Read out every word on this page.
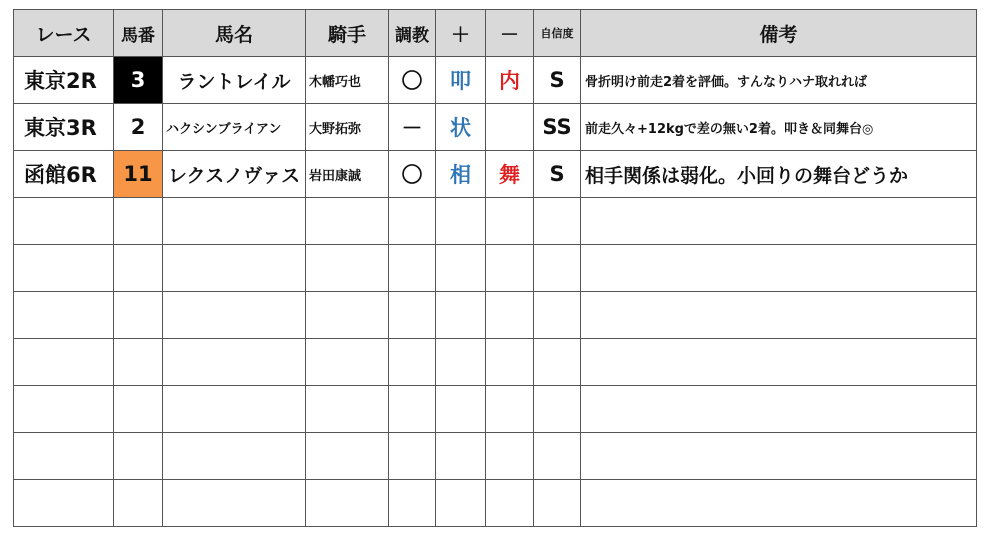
レース	馬番	馬名	騎手	調教	＋	－	自信度	備考
東京2R	3	ラントレイル	木幡巧也	〇	叩	内	S	骨折明け前走2着を評価。すんなりハナ取れれば
東京3R	2	ハクシンブライアン	大野拓弥	－	状		SS	前走久々+12kgで差の無い2着。叩き＆同舞台◎
函館6R	11	レクスノヴァス	岩田康誠	〇	相	舞	S	相手関係は弱化。小回りの舞台どうか
